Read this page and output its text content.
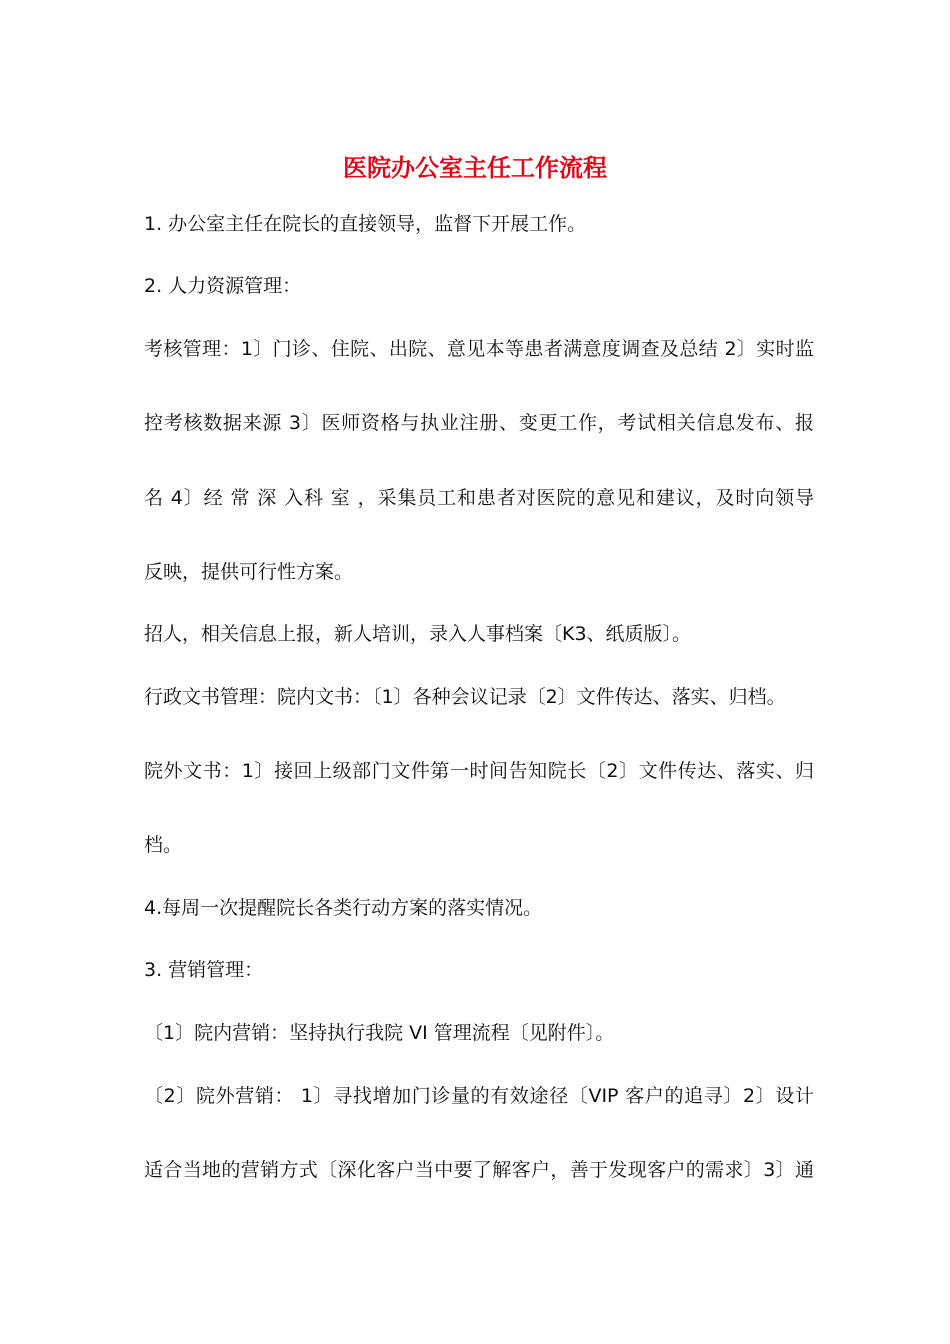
医院办公室主任工作流程
1. 办公室主任在院长的直接领导，监督下开展工作。
2. 人力资源管理：
考核管理：1〕门诊、住院、出院、意见本等患者满意度调查及总结 2〕实时监
控考核数据来源 3〕医师资格与执业注册、变更工作，考试相关信息发布、报
名 4〕经 常 深 入科 室 ，采集员工和患者对医院的意见和建议，及时向领导
反映，提供可行性方案。
招人，相关信息上报，新人培训，录入人事档案〔K3、纸质版〕。
行政文书管理：院内文书：〔1〕各种会议记录〔2〕文件传达、落实、归档。
院外文书：1〕接回上级部门文件第一时间告知院长〔2〕文件传达、落实、归
档。
4.每周一次提醒院长各类行动方案的落实情况。
3. 营销管理：
〔1〕院内营销：坚持执行我院 VI 管理流程〔见附件〕。
〔2〕院外营销： 1〕寻找增加门诊量的有效途径〔VIP 客户的追寻〕2〕设计
适合当地的营销方式〔深化客户当中要了解客户，善于发现客户的需求〕3〕通
